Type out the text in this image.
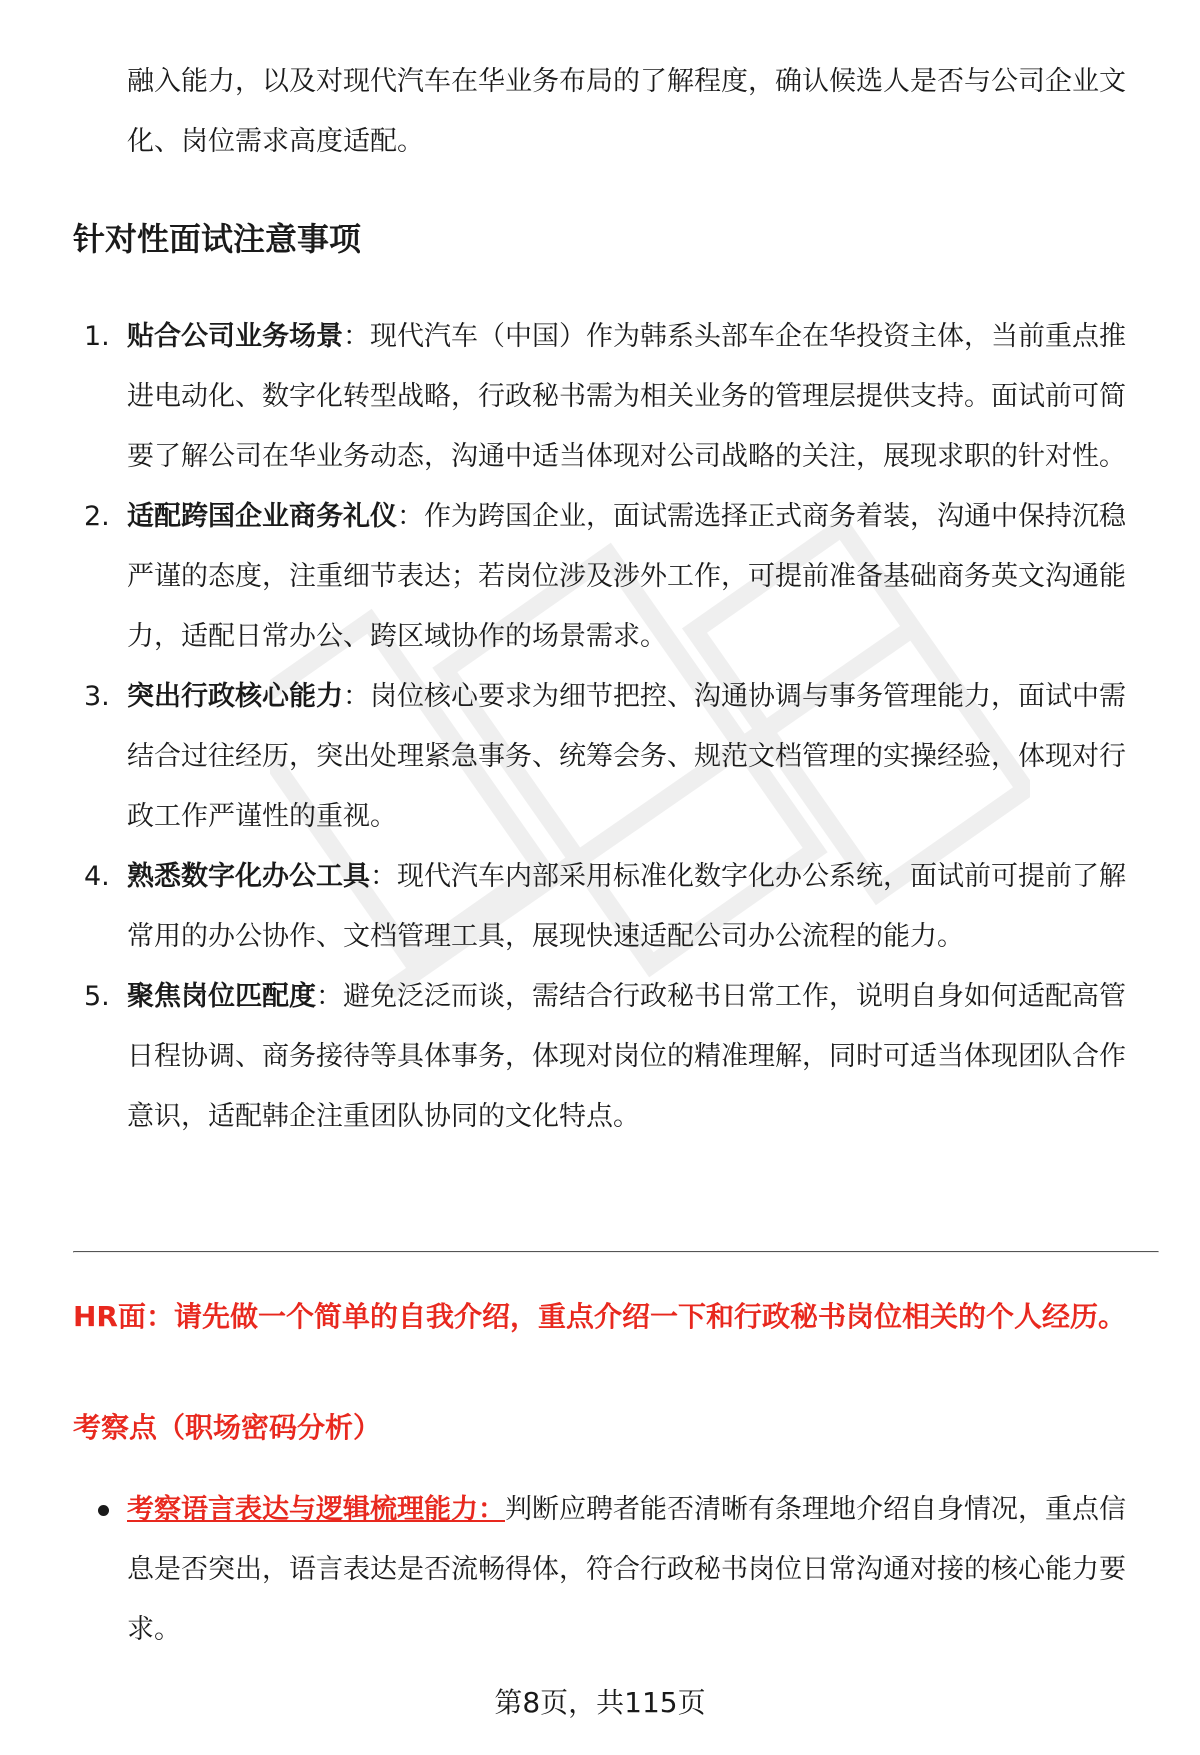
融入能力，以及对现代汽车在华业务布局的了解程度，确认候选人是否与公司企业文化、岗位需求高度适配。

针对性面试注意事项
1. 贴合公司业务场景：现代汽车（中国）作为韩系头部车企在华投资主体，当前重点推进电动化、数字化转型战略，行政秘书需为相关业务的管理层提供支持。面试前可简要了解公司在华业务动态，沟通中适当体现对公司战略的关注，展现求职的针对性。
2. 适配跨国企业商务礼仪：作为跨国企业，面试需选择正式商务着装，沟通中保持沉稳严谨的态度，注重细节表达；若岗位涉及涉外工作，可提前准备基础商务英文沟通能力，适配日常办公、跨区域协作的场景需求。
3. 突出行政核心能力：岗位核心要求为细节把控、沟通协调与事务管理能力，面试中需结合过往经历，突出处理紧急事务、统筹会务、规范文档管理的实操经验，体现对行政工作严谨性的重视。
4. 熟悉数字化办公工具：现代汽车内部采用标准化数字化办公系统，面试前可提前了解常用的办公协作、文档管理工具，展现快速适配公司办公流程的能力。
5. 聚焦岗位匹配度：避免泛泛而谈，需结合行政秘书日常工作，说明自身如何适配高管日程协调、商务接待等具体事务，体现对岗位的精准理解，同时可适当体现团队合作意识，适配韩企注重团队协同的文化特点。

HR面：请先做一个简单的自我介绍，重点介绍一下和行政秘书岗位相关的个人经历。

考察点（职场密码分析）

考察语言表达与逻辑梳理能力：判断应聘者能否清晰有条理地介绍自身情况，重点信息是否突出，语言表达是否流畅得体，符合行政秘书岗位日常沟通对接的核心能力要求。

第8页，共115页
